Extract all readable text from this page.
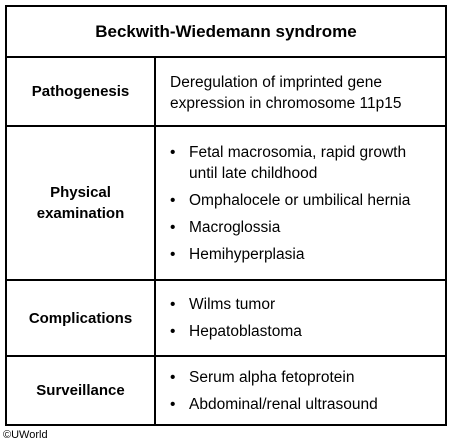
Beckwith-Wiedemann syndrome
Pathogenesis
Deregulation of imprinted gene expression in chromosome 11p15
Physical examination
• Fetal macrosomia, rapid growth until late childhood
• Omphalocele or umbilical hernia
• Macroglossia
• Hemihyperplasia
Complications
• Wilms tumor
• Hepatoblastoma
Surveillance
• Serum alpha fetoprotein
• Abdominal/renal ultrasound
©UWorld
